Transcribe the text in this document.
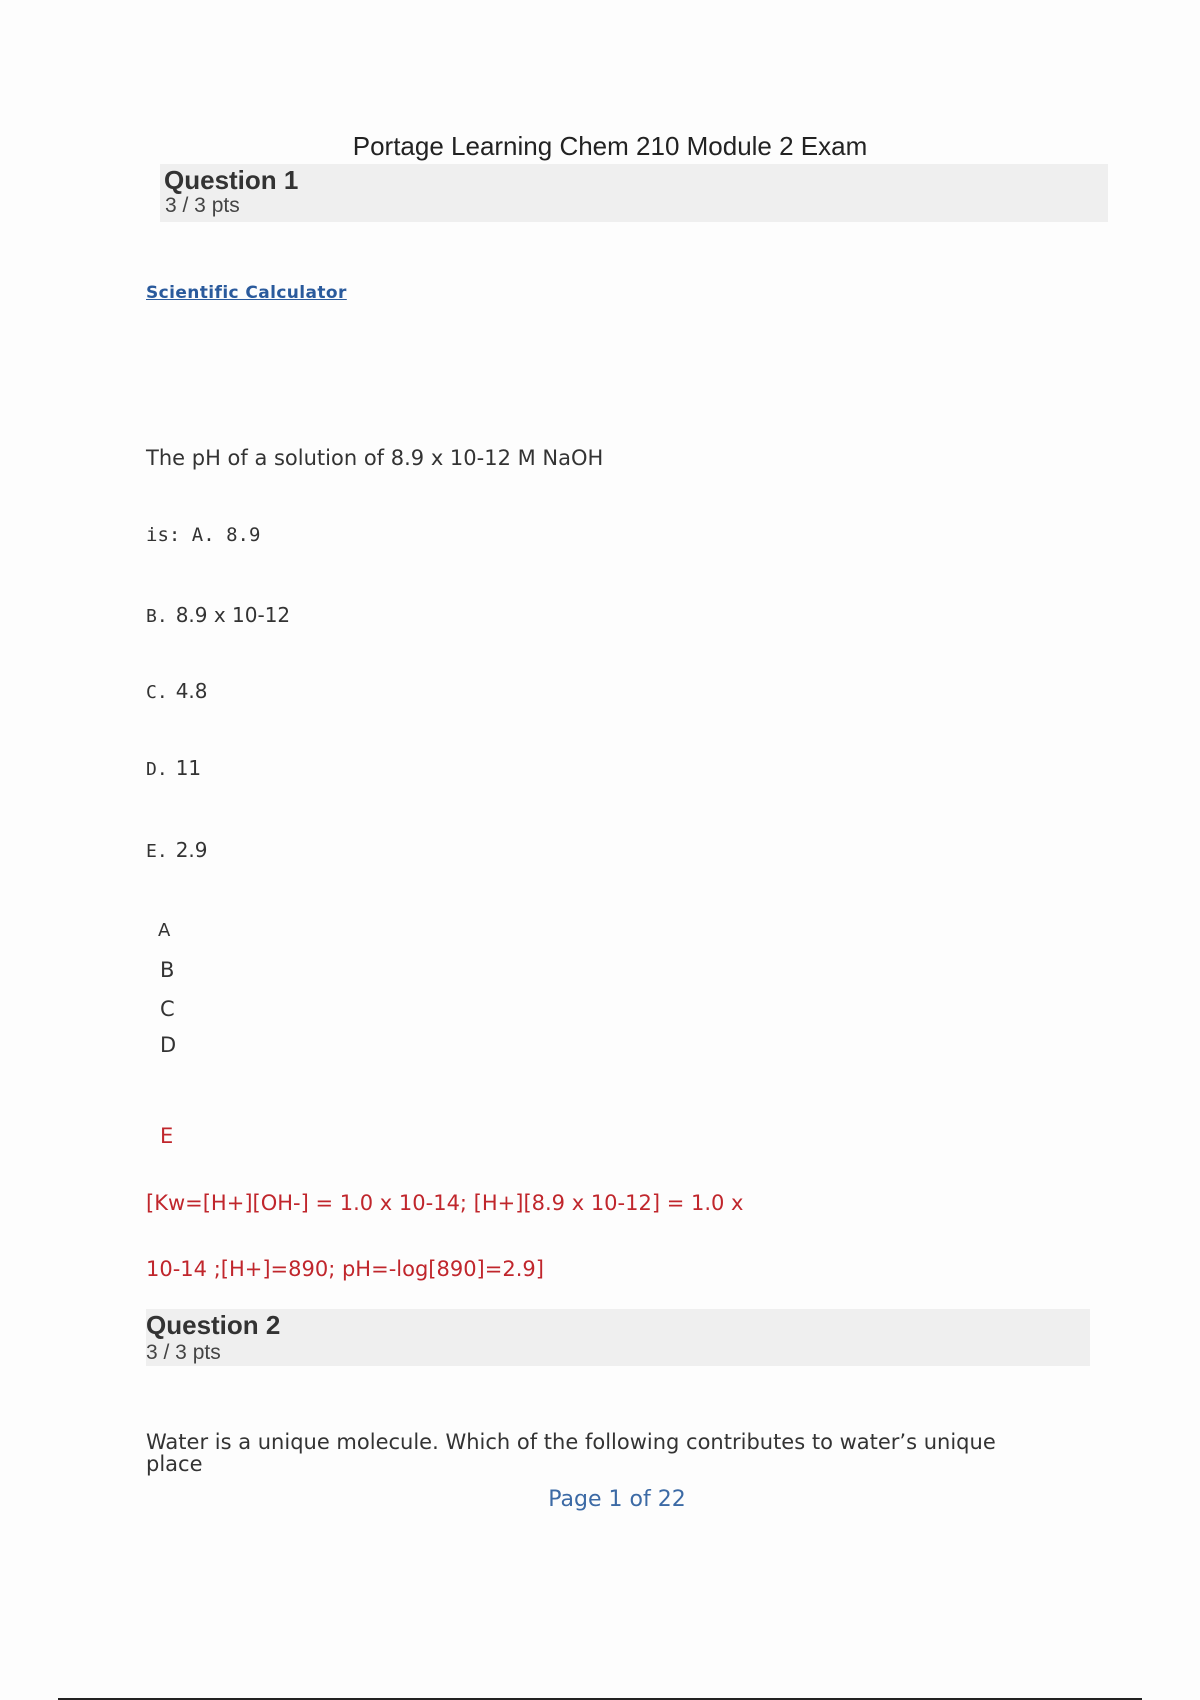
Portage Learning Chem 210 Module 2 Exam
Question 1
3 / 3 pts
Scientific Calculator
The pH of a solution of 8.9 x 10-12 M NaOH
is: A. 8.9
B. 8.9 x 10-12
C. 4.8
D. 11
E. 2.9
A
B
C
D
E
[Kw=[H+][OH-] = 1.0 x 10-14; [H+][8.9 x 10-12] = 1.0 x
10-14 ;[H+]=890; pH=-log[890]=2.9]
Question 2
3 / 3 pts
Water is a unique molecule. Which of the following contributes to water’s unique place
Page 1 of 22
